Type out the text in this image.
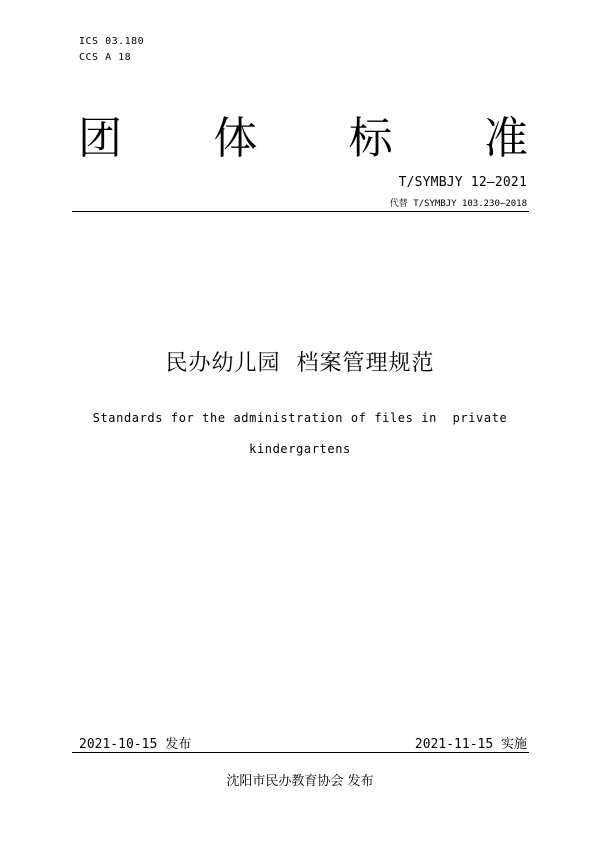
ICS 03.180
CCS A 18
团 体 标 准
T/SYMBJY 12—2021
代替 T/SYMBJY 103.230—2018
民办幼儿园  档案管理规范
Standards for the administration of files in  private
kindergartens
2021-10-15 发布	2021-11-15 实施
沈阳市民办教育协会 发布
